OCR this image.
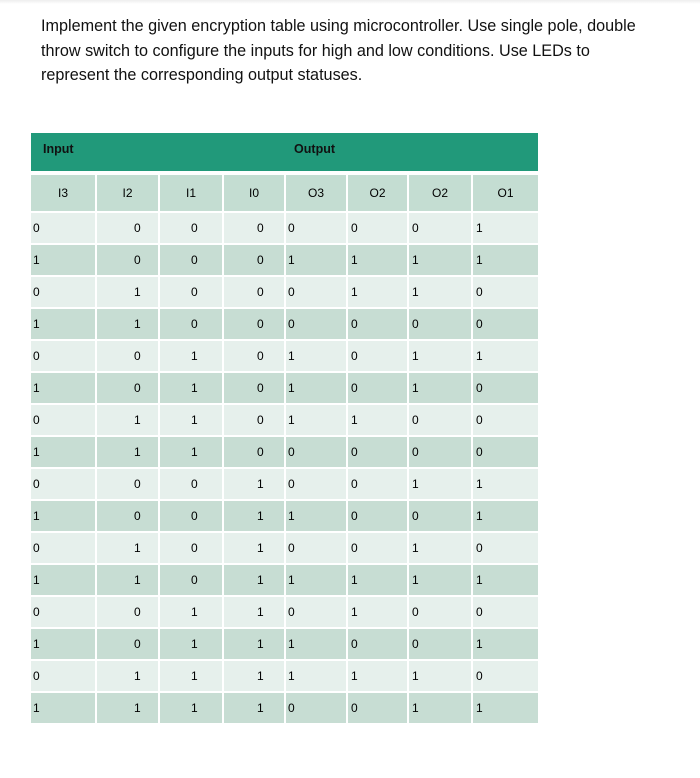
Implement the given encryption table using microcontroller. Use single pole, double throw switch to configure the inputs for high and low conditions. Use LEDs to represent the corresponding output statuses.

Input				Output			
I3	I2	I1	I0	O3	O2	O2	O1
0	0	0	0	0	0	0	1
1	0	0	0	1	1	1	1
0	1	0	0	0	1	1	0
1	1	0	0	0	0	0	0
0	0	1	0	1	0	1	1
1	0	1	0	1	0	1	0
0	1	1	0	1	1	0	0
1	1	1	0	0	0	0	0
0	0	0	1	0	0	1	1
1	0	0	1	1	0	0	1
0	1	0	1	0	0	1	0
1	1	0	1	1	1	1	1
0	0	1	1	0	1	0	0
1	0	1	1	1	0	0	1
0	1	1	1	1	1	1	0
1	1	1	1	0	0	1	1
